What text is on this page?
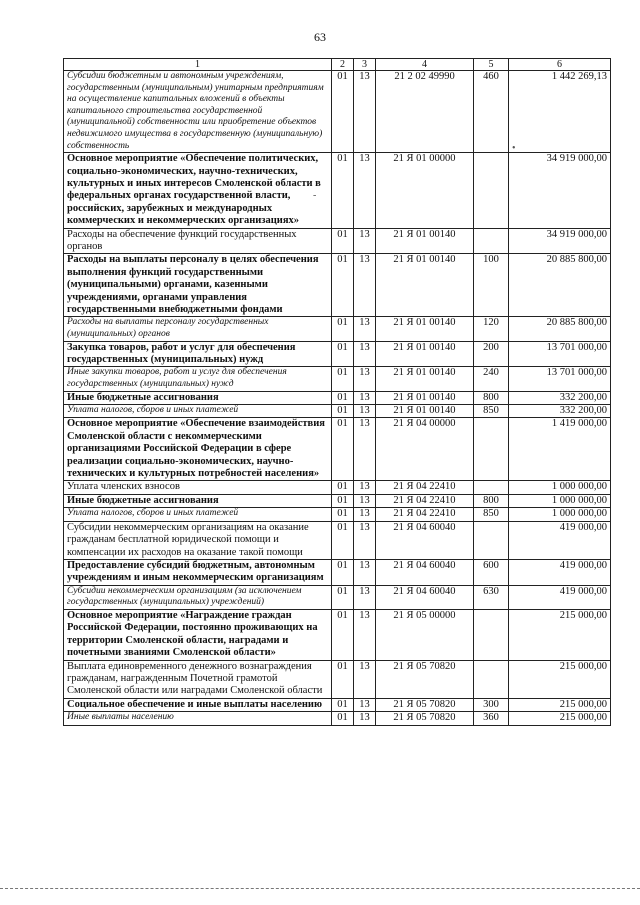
63
1	2	3	4	5	6
Субсидии бюджетным и автономным учреждениям, государственным (муниципальным) унитарным предприятиям на осуществление капитальных вложений в объекты капитального строительства государственной (муниципальной) собственности или приобретение объектов недвижимого имущества в государственную (муниципальную) собственность	01	13	21 2 02 49990	460	1 442 269,13
Основное мероприятие «Обеспечение политических, социально-экономических, научно-технических, культурных и иных интересов Смоленской области в федеральных органах государственной власти, российских, зарубежных и международных коммерческих и некоммерческих организациях»	01	13	21 Я 01 00000		34 919 000,00
Расходы на обеспечение функций государственных органов	01	13	21 Я 01 00140		34 919 000,00
Расходы на выплаты персоналу в целях обеспечения выполнения функций государственными (муниципальными) органами, казенными учреждениями, органами управления государственными внебюджетными фондами	01	13	21 Я 01 00140	100	20 885 800,00
Расходы на выплаты персоналу государственных (муниципальных) органов	01	13	21 Я 01 00140	120	20 885 800,00
Закупка товаров, работ и услуг для обеспечения государственных (муниципальных) нужд	01	13	21 Я 01 00140	200	13 701 000,00
Иные закупки товаров, работ и услуг для обеспечения государственных (муниципальных) нужд	01	13	21 Я 01 00140	240	13 701 000,00
Иные бюджетные ассигнования	01	13	21 Я 01 00140	800	332 200,00
Уплата налогов, сборов и иных платежей	01	13	21 Я 01 00140	850	332 200,00
Основное мероприятие «Обеспечение взаимодействия Смоленской области с некоммерческими организациями Российской Федерации в сфере реализации социально-экономических, научно-технических и культурных потребностей населения»	01	13	21 Я 04 00000		1 419 000,00
Уплата членских взносов	01	13	21 Я 04 22410		1 000 000,00
Иные бюджетные ассигнования	01	13	21 Я 04 22410	800	1 000 000,00
Уплата налогов, сборов и иных платежей	01	13	21 Я 04 22410	850	1 000 000,00
Субсидии некоммерческим организациям на оказание гражданам бесплатной юридической помощи и компенсации их расходов на оказание такой помощи	01	13	21 Я 04 60040		419 000,00
Предоставление субсидий бюджетным, автономным учреждениям и иным некоммерческим организациям	01	13	21 Я 04 60040	600	419 000,00
Субсидии некоммерческим организациям (за исключением государственных (муниципальных) учреждений)	01	13	21 Я 04 60040	630	419 000,00
Основное мероприятие «Награждение граждан Российской Федерации, постоянно проживающих на территории Смоленской области, наградами и почетными званиями Смоленской области»	01	13	21 Я 05 00000		215 000,00
Выплата единовременного денежного вознаграждения гражданам, награжденным Почетной грамотой Смоленской области или наградами Смоленской области	01	13	21 Я 05 70820		215 000,00
Социальное обеспечение и иные выплаты населению	01	13	21 Я 05 70820	300	215 000,00
Иные выплаты населению	01	13	21 Я 05 70820	360	215 000,00
-
•
